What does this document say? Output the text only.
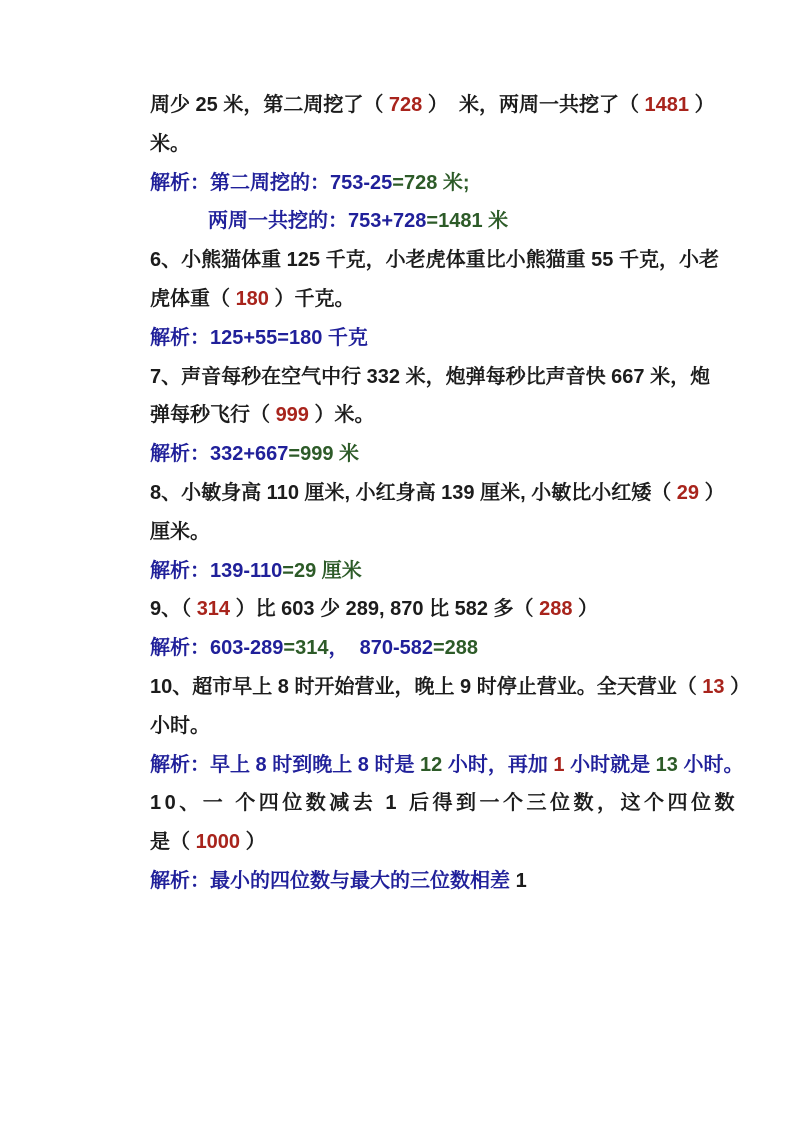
周少 25 米，第二周挖了（ 728 ）  米，两周一共挖了（ 1481 ）
米。
解析：第二周挖的：753-25=728 米;
两周一共挖的：753+728=1481 米
6、小熊猫体重 125 千克，小老虎体重比小熊猫重 55 千克，小老
虎体重（ 180 ）千克。
解析：125+55=180 千克
7、声音每秒在空气中行 332 米，炮弹每秒比声音快 667 米，炮
弹每秒飞行（ 999 ）米。
解析：332+667=999 米
8、小敏身高 110 厘米, 小红身高 139 厘米, 小敏比小红矮（ 29 ）
厘米。
解析：139-110=29 厘米
9、（ 314 ）比 603 少 289, 870 比 582 多（ 288 ）
解析：603-289=314，  870-582=288
10、超市早上 8 时开始营业，晚上 9 时停止营业。全天营业（ 13 ）
小时。
解析：早上 8 时到晚上 8 时是 12 小时，再加 1 小时就是 13 小时。
10、一 个四位数减去 1 后得到一个三位数，这个四位数
是（ 1000 ）
解析：最小的四位数与最大的三位数相差 1
